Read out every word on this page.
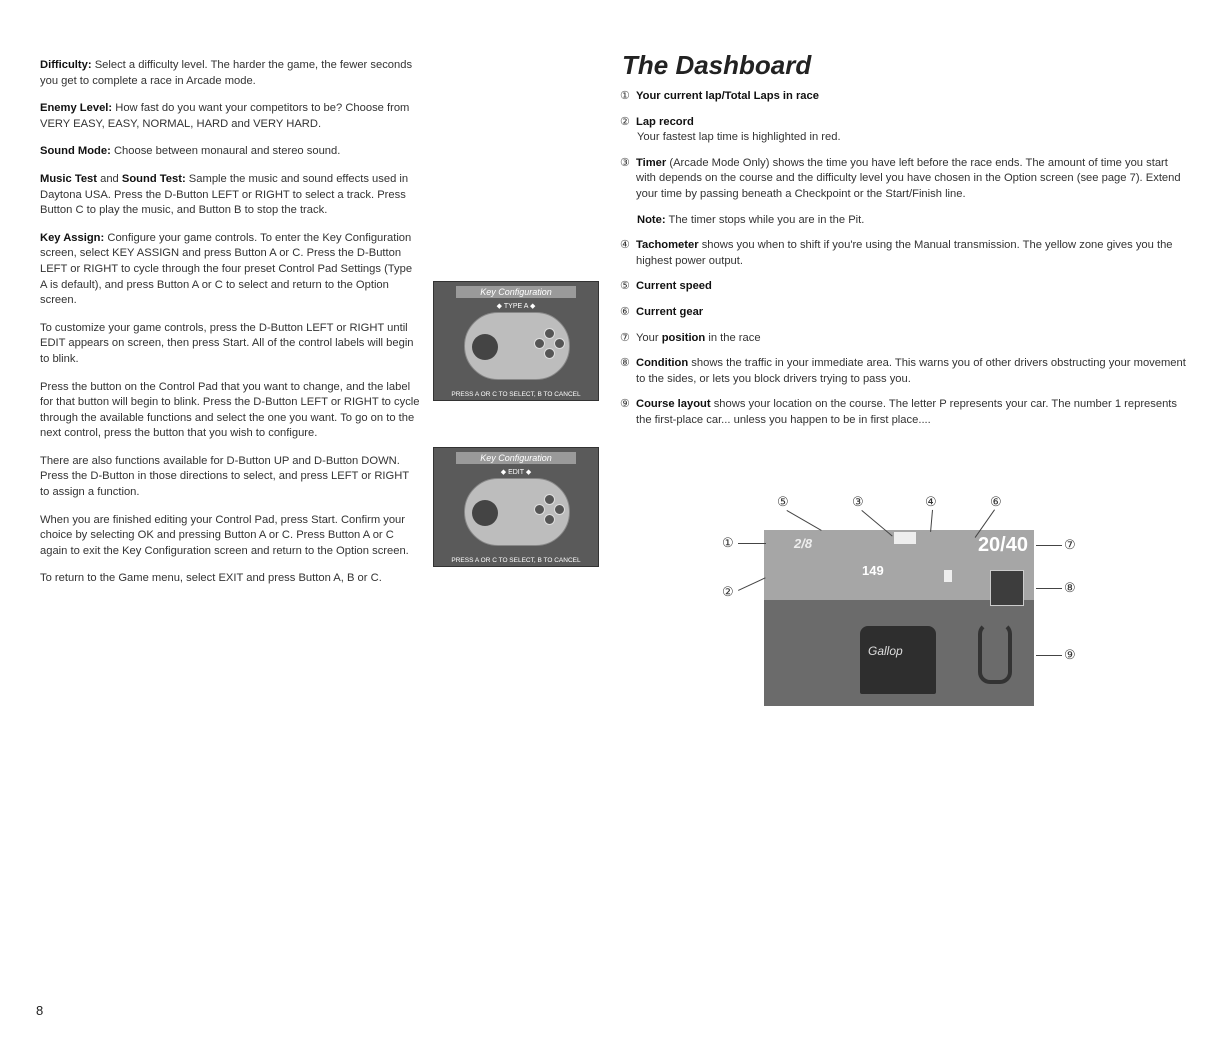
Difficulty: Select a difficulty level. The harder the game, the fewer seconds you get to complete a race in Arcade mode.

Enemy Level: How fast do you want your competitors to be? Choose from VERY EASY, EASY, NORMAL, HARD and VERY HARD.

Sound Mode: Choose between monaural and stereo sound.

Music Test and Sound Test: Sample the music and sound effects used in Daytona USA. Press the D-Button LEFT or RIGHT to select a track. Press Button C to play the music, and Button B to stop the track.

Key Assign: Configure your game controls. To enter the Key Configuration screen, select KEY ASSIGN and press Button A or C. Press the D-Button LEFT or RIGHT to cycle through the four preset Control Pad Settings (Type A is default), and press Button A or C to select and return to the Option screen.

To customize your game controls, press the D-Button LEFT or RIGHT until EDIT appears on screen, then press Start. All of the control labels will begin to blink.

Press the button on the Control Pad that you want to change, and the label for that button will begin to blink. Press the D-Button LEFT or RIGHT to cycle through the available functions and select the one you want. To go on to the next control, press the button that you wish to configure.

There are also functions available for D-Button UP and D-Button DOWN. Press the D-Button in those directions to select, and press LEFT or RIGHT to assign a function.

When you are finished editing your Control Pad, press Start. Confirm your choice by selecting OK and pressing Button A or C. Press Button A or C again to exit the Key Configuration screen and return to the Option screen.

To return to the Game menu, select EXIT and press Button A, B or C.

Key Configuration
◆ TYPE A ◆
PRESS A OR C TO SELECT, B TO CANCEL
Key Configuration
◆ EDIT ◆
PRESS A OR C TO SELECT, B TO CANCEL
8
The Dashboard
① Your current lap/Total Laps in race
② Lap record
Your fastest lap time is highlighted in red.
③ Timer (Arcade Mode Only) shows the time you have left before the race ends. The amount of time you start with depends on the course and the difficulty level you have chosen in the Option screen (see page 7). Extend your time by passing beneath a Checkpoint or the Start/Finish line.
Note: The timer stops while you are in the Pit.
④ Tachometer shows you when to shift if you're using the Manual transmission. The yellow zone gives you the highest power output.
⑤ Current speed
⑥ Current gear
⑦ Your position in the race
⑧ Condition shows the traffic in your immediate area. This warns you of other drivers obstructing your movement to the sides, or lets you block drivers trying to pass you.
⑨ Course layout shows your location on the course. The letter P represents your car. The number 1 represents the first-place car... unless you happen to be in first place....
2/8	20/40
149
Gallop
①
②
③	④
⑤	⑥
⑦
⑧
⑨
